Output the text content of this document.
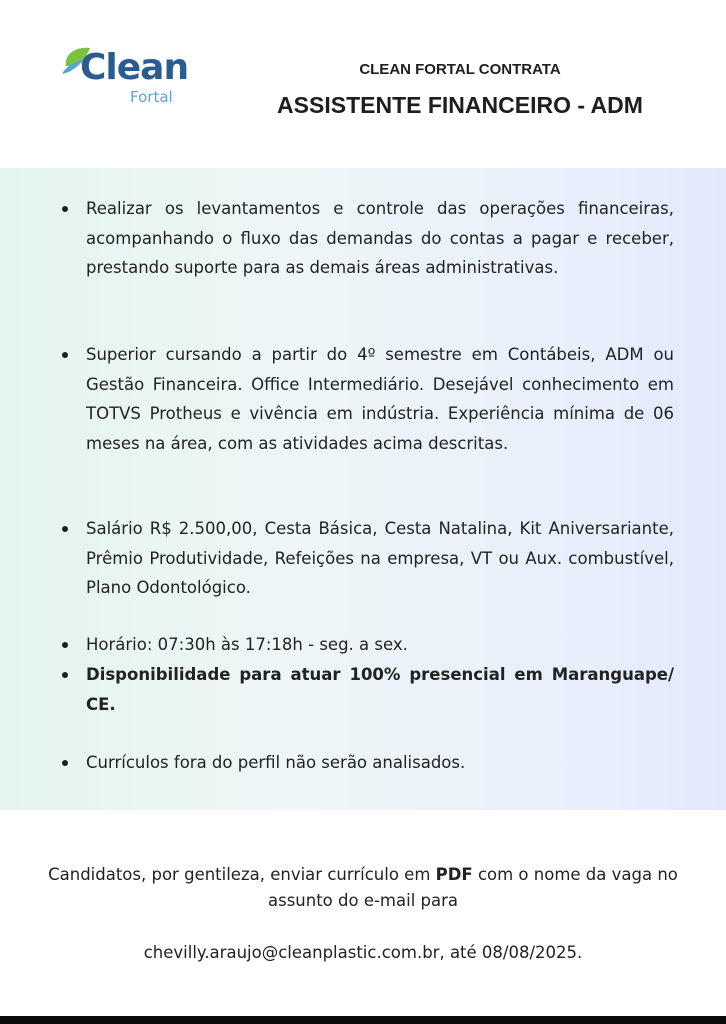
Clean
Fortal
CLEAN FORTAL CONTRATA
ASSISTENTE FINANCEIRO - ADM
Realizar os levantamentos e controle das operações financeiras, acompanhando o fluxo das demandas do contas a pagar e receber, prestando suporte para as demais áreas administrativas.
Superior cursando a partir do 4º semestre em Contábeis, ADM ou Gestão Financeira. Office Intermediário. Desejável conhecimento em TOTVS Protheus e vivência em indústria. Experiência mínima de 06 meses na área, com as atividades acima descritas.
Salário R$ 2.500,00, Cesta Básica, Cesta Natalina, Kit Aniversariante, Prêmio Produtividade, Refeições na empresa, VT ou Aux. combustível, Plano Odontológico.
Horário: 07:30h às 17:18h - seg. a sex.
Disponibilidade para atuar 100% presencial em Maranguape/ CE.
Currículos fora do perfil não serão analisados.
Candidatos, por gentileza, enviar currículo em PDF com o nome da vaga no assunto do e-mail para
chevilly.araujo@cleanplastic.com.br, até 08/08/2025.
